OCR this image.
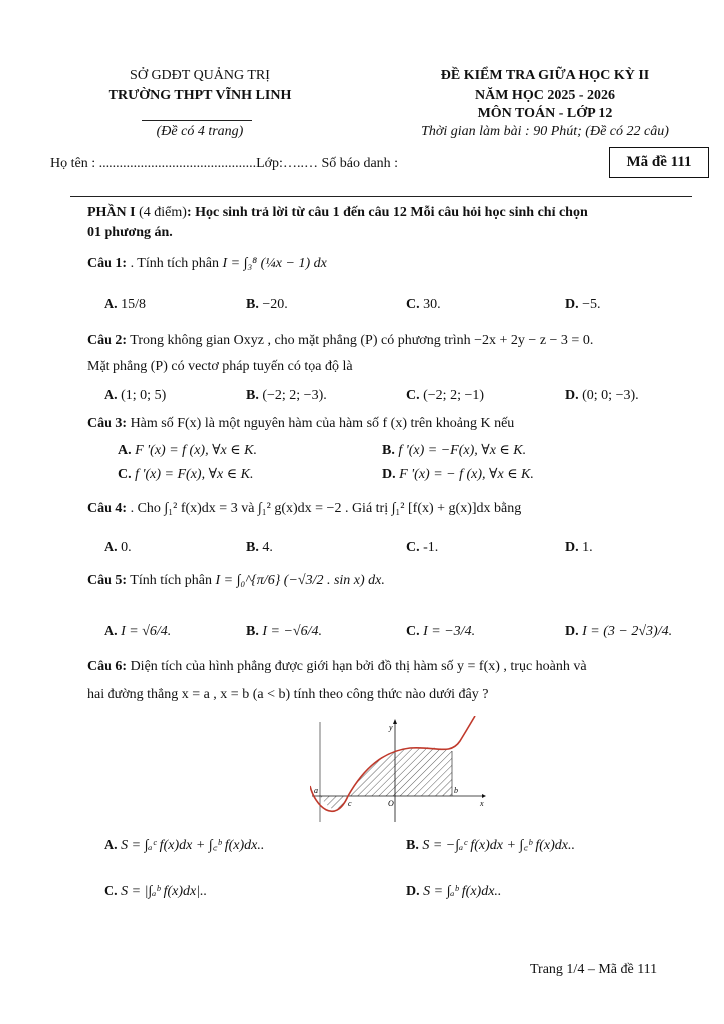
SỞ GDĐT QUẢNG TRỊ
TRƯỜNG THPT VĨNH LINH
(Đề có 4 trang)
ĐỀ KIỂM TRA GIỮA HỌC KỲ II
NĂM HỌC 2025 - 2026
MÔN TOÁN - LỚP 12
Thời gian làm bài : 90 Phút; (Đề có 22 câu)
Họ tên : .............................................Lớp:…..… Số báo danh :	Mã đề 111
PHẦN I (4 điểm): Học sinh trả lời từ câu 1 đến câu 12 Mỗi câu hỏi học sinh chỉ chọn
01 phương án.
Câu 1: . Tính tích phân I = ∫₃⁸ (¼x − 1) dx
A. 15/8	B. −20.	C. 30.	D. −5.
Câu 2: Trong không gian Oxyz , cho mặt phẳng (P) có phương trình −2x + 2y − z − 3 = 0.
Mặt phẳng (P) có vectơ pháp tuyến có tọa độ là
A. (1; 0; 5)	B. (−2; 2; −3).	C. (−2; 2; −1)	D. (0; 0; −3).
Câu 3: Hàm số F(x) là một nguyên hàm của hàm số f (x) trên khoảng K nếu
A. F '(x) = f (x), ∀x ∈ K.	B. f '(x) = −F(x), ∀x ∈ K.
C. f '(x) = F(x), ∀x ∈ K.	D. F '(x) = − f (x), ∀x ∈ K.
Câu 4: . Cho ∫₁² f(x)dx = 3 và ∫₁² g(x)dx = −2 . Giá trị ∫₁² [f(x) + g(x)]dx bằng
A. 0.	B. 4.	C. -1.	D. 1.
Câu 5: Tính tích phân I = ∫₀^{π/6} (−√3/2 . sin x) dx.
A. I = √6/4.	B. I = −√6/4.	C. I = −3/4.	D. I = (3 − 2√3)/4.
Câu 6: Diện tích của hình phẳng được giới hạn bởi đồ thị hàm số y = f(x) , trục hoành và
hai đường thẳng x = a , x = b (a < b) tính theo công thức nào dưới đây ?
a
c	O
b
x
y
A. S = ∫ₐᶜ f(x)dx + ∫꜀ᵇ f(x)dx..	B. S = −∫ₐᶜ f(x)dx + ∫꜀ᵇ f(x)dx..
C. S = |∫ₐᵇ f(x)dx|..	D. S = ∫ₐᵇ f(x)dx..
Trang 1/4 – Mã đề 111
